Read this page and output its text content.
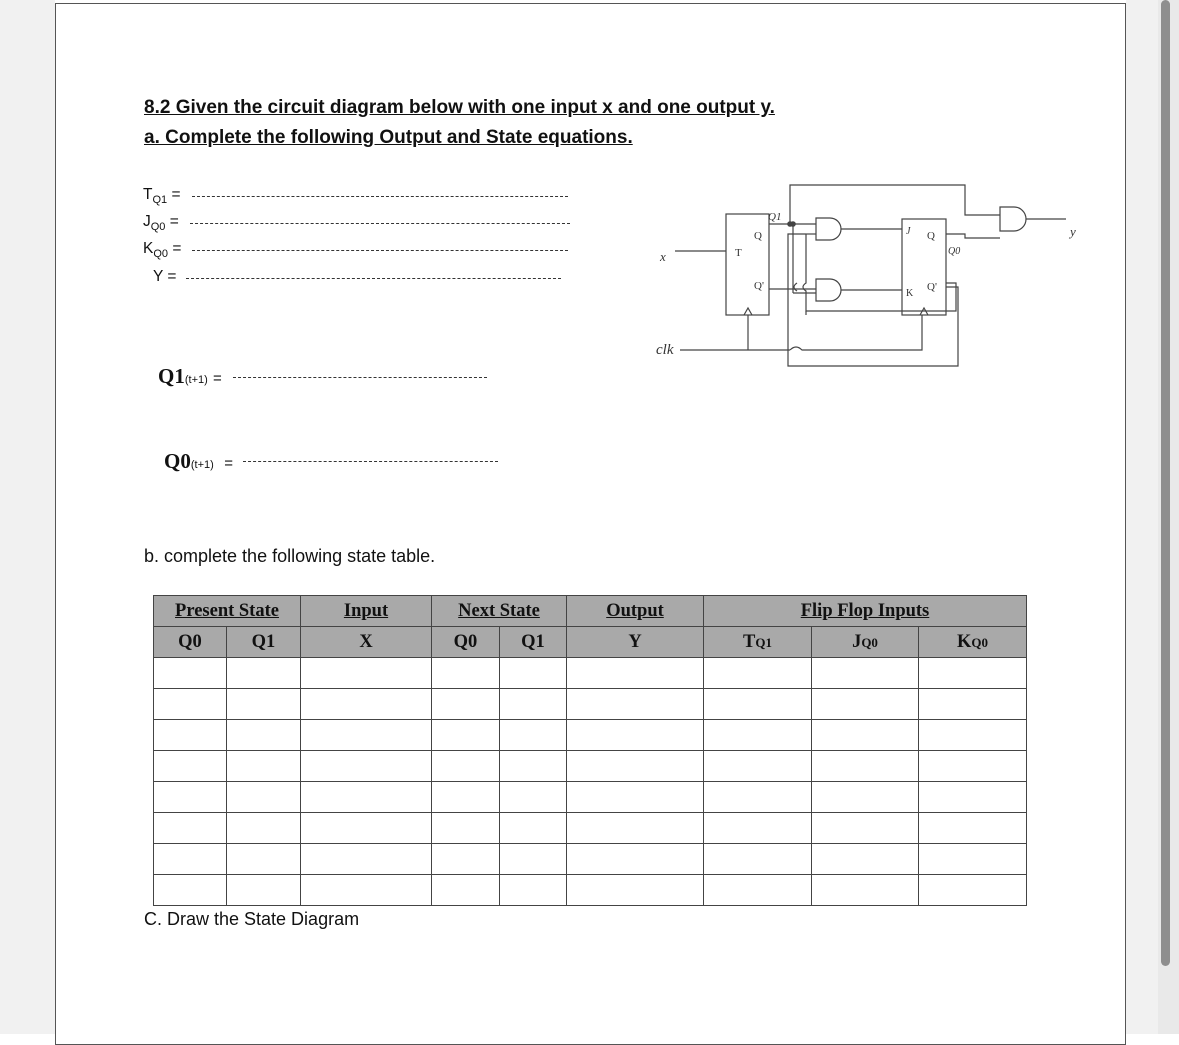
8.2 Given the circuit diagram below with one input x and one output y.
a. Complete the following Output and State equations.
$T_{Q1}$ =
$J_{Q0}$ =
$K_{Q0}$ =
Y =
Q1(t+1) =
Q0(t+1) =
b. complete the following state table.
x
clk
y
T
Q
Q'
Q1
J
K
Q
Q'
Q0
Present State		Input	Next State		Output	Flip Flop Inputs		
Q0	Q1	X	Q0	Q1	Y	TQ1	JQ0	KQ0

C. Draw the State Diagram
